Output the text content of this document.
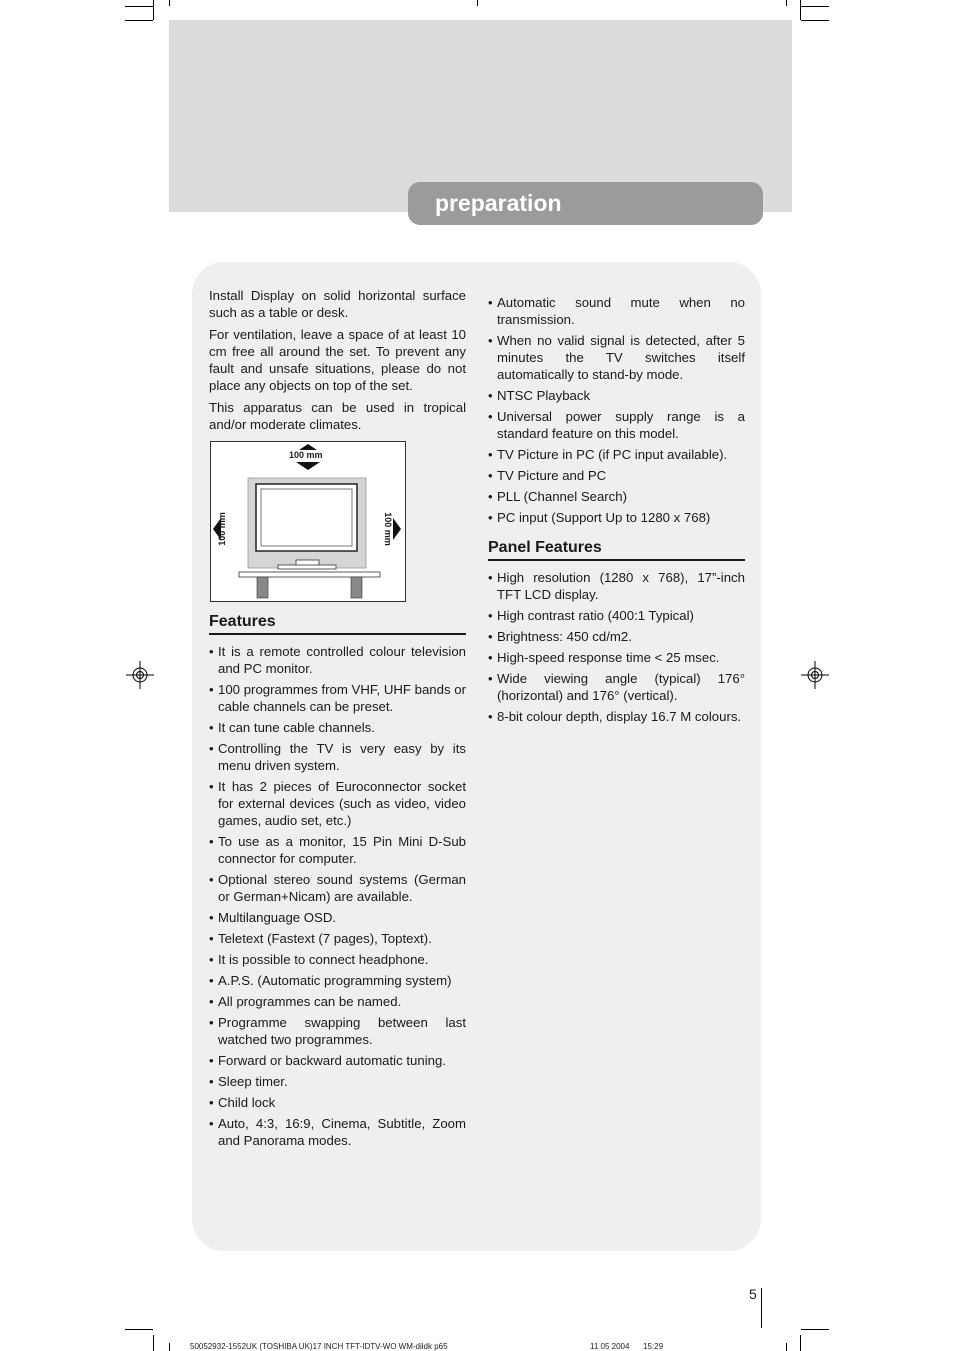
preparation

Install Display on solid horizontal surface such as a table or desk.

For ventilation, leave a space of at least 10 cm free all around the set. To prevent any fault and unsafe situations, please do not place any objects on top of the set.

This apparatus can be used in tropical and/or moderate climates.

100 mm
100 mm	100 mm
Features
• It is a remote controlled colour television and PC monitor.
• 100 programmes from VHF, UHF bands or cable channels can be preset.
• It can tune cable channels.
• Controlling the TV is very easy by its menu driven system.
• It has 2 pieces of Euroconnector socket for external devices (such as video, video games, audio set, etc.)
• To use as a monitor, 15 Pin Mini D-Sub connector for computer.
• Optional stereo sound systems (German or German+Nicam) are available.
• Multilanguage OSD.
• Teletext (Fastext (7 pages), Toptext).
• It is possible to connect headphone.
• A.P.S. (Automatic programming system)
• All programmes can be named.
• Programme swapping between last watched two programmes.
• Forward or backward automatic tuning.
• Sleep timer.
• Child lock
• Auto, 4:3, 16:9, Cinema, Subtitle, Zoom and Panorama modes.
• Automatic sound mute when no transmission.
• When no valid signal is detected, after 5 minutes the TV switches itself automatically to stand-by mode.
• NTSC Playback
• Universal power supply range is a standard feature on this model.
• TV Picture in PC (if PC input available).
• TV Picture and PC
• PLL (Channel Search)
• PC input (Support Up to 1280 x 768)
Panel Features
• High resolution (1280 x 768), 17”-inch TFT LCD display.
• High contrast ratio (400:1 Typical)
• Brightness: 450 cd/m2.
• High-speed response time < 25 msec.
• Wide viewing angle (typical) 176° (horizontal) and 176° (vertical).
• 8-bit colour depth, display 16.7 M colours.
5
50052932-1552UK (TOSHIBA UK)17 INCH TFT-IDTV-WO WM-dildk p65	11 05 2004 15:29
